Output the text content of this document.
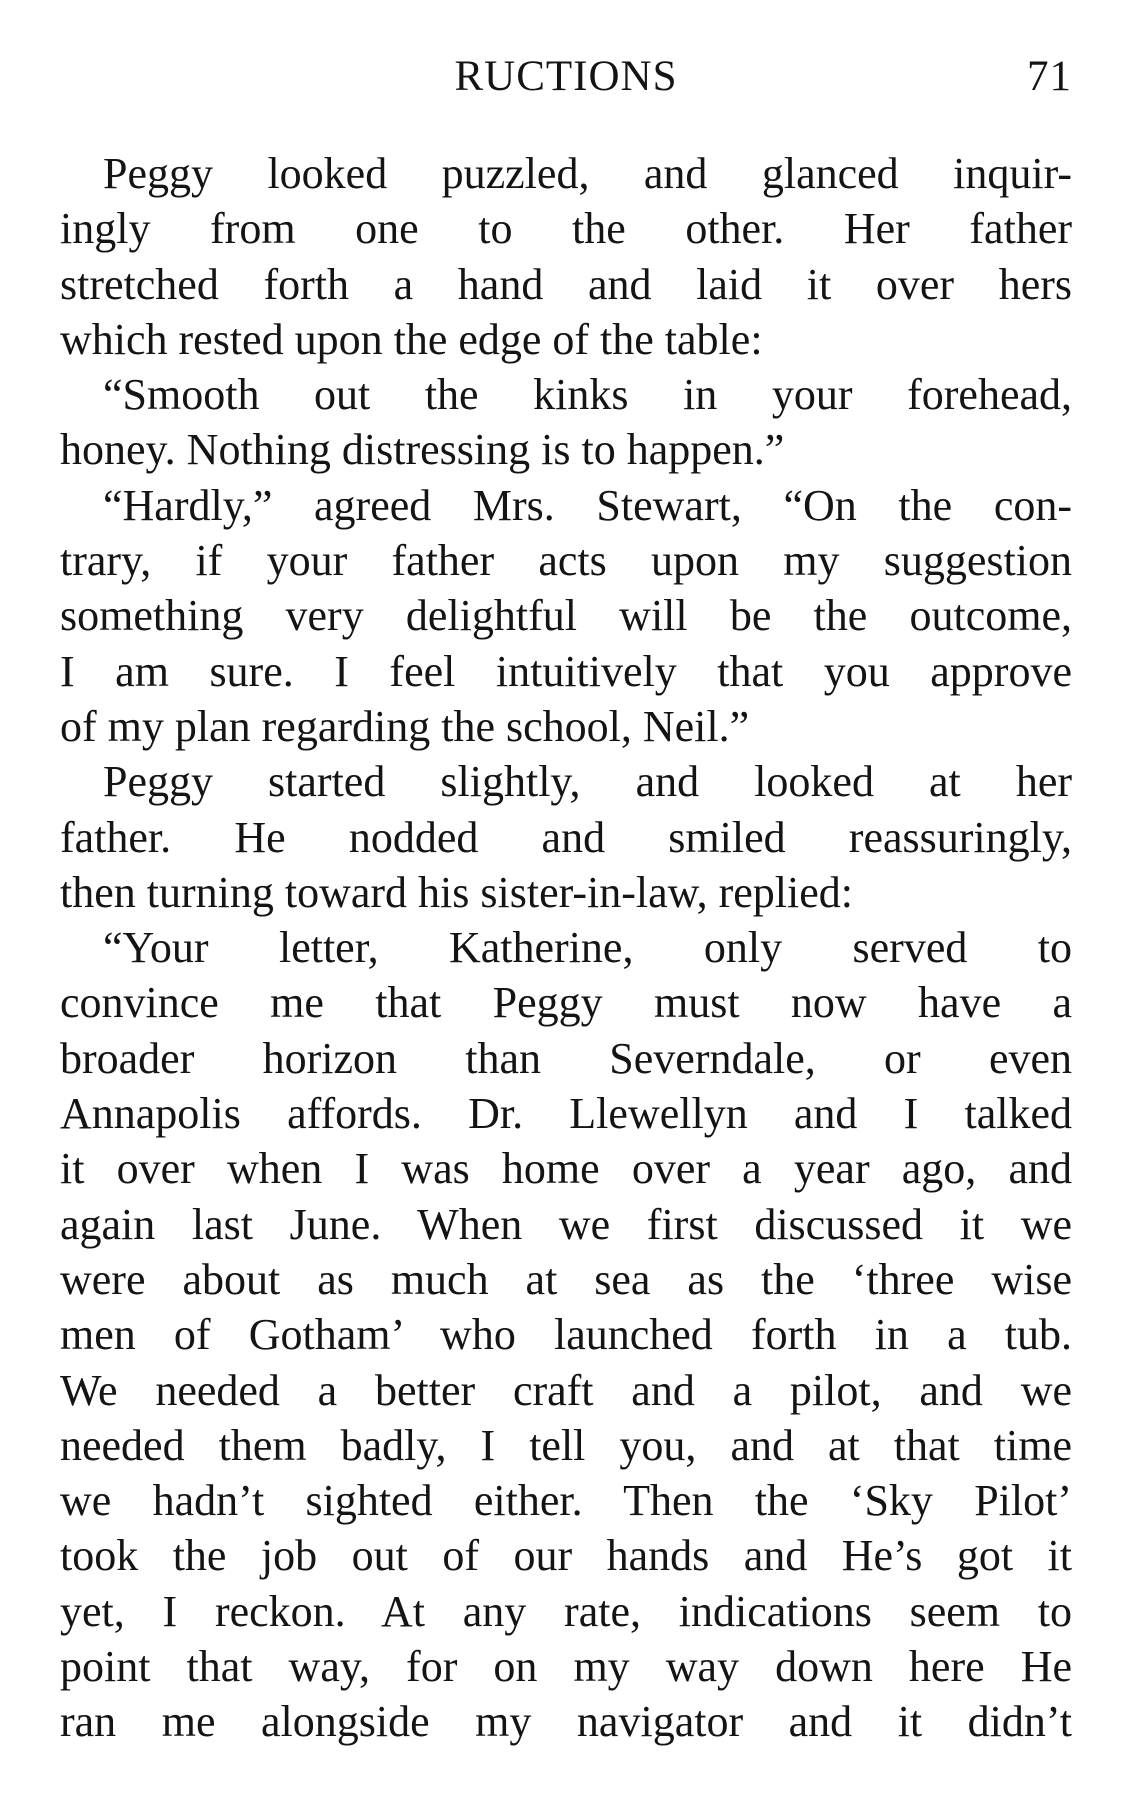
RUCTIONS	71
Peggy looked puzzled, and glanced inquir-
ingly from one to the other. Her father
stretched forth a hand and laid it over hers
which rested upon the edge of the table:
“Smooth out the kinks in your forehead,
honey. Nothing distressing is to happen.”
“Hardly,” agreed Mrs. Stewart, “On the con-
trary, if your father acts upon my suggestion
something very delightful will be the outcome,
I am sure. I feel intuitively that you approve
of my plan regarding the school, Neil.”
Peggy started slightly, and looked at her
father. He nodded and smiled reassuringly,
then turning toward his sister-in-law, replied:
“Your letter, Katherine, only served to
convince me that Peggy must now have a
broader horizon than Severndale, or even
Annapolis affords. Dr. Llewellyn and I talked
it over when I was home over a year ago, and
again last June. When we first discussed it we
were about as much at sea as the ‘three wise
men of Gotham’ who launched forth in a tub.
We needed a better craft and a pilot, and we
needed them badly, I tell you, and at that time
we hadn’t sighted either. Then the ‘Sky Pilot’
took the job out of our hands and He’s got it
yet, I reckon. At any rate, indications seem to
point that way, for on my way down here He
ran me alongside my navigator and it didn’t
